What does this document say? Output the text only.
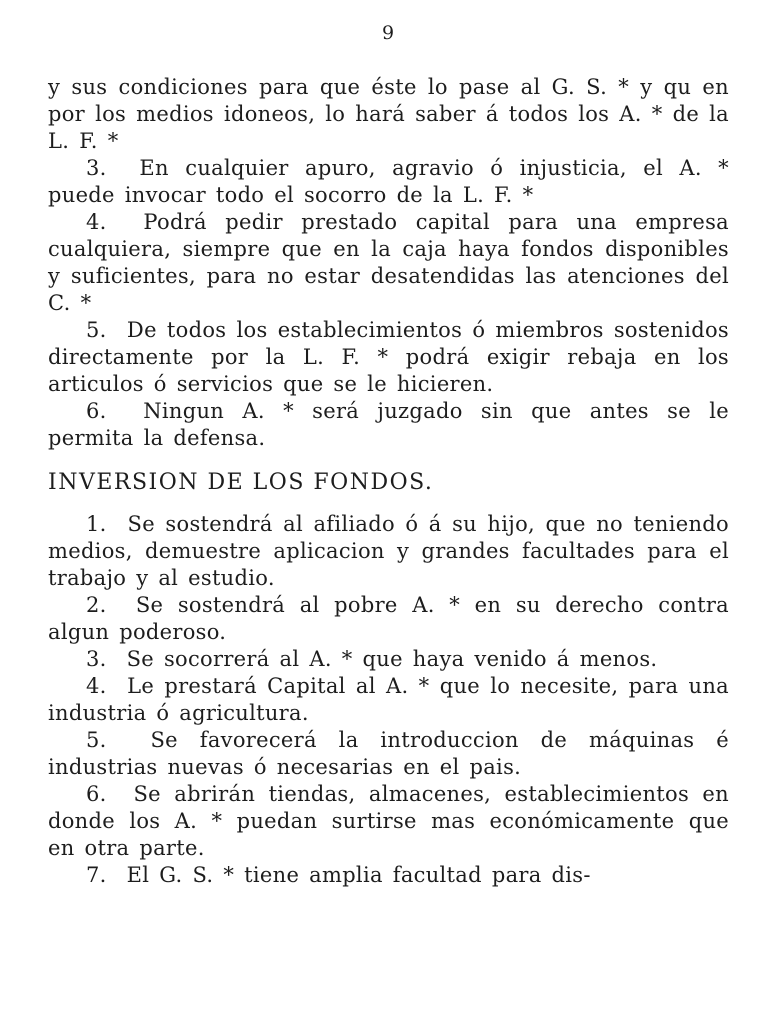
9

y sus condiciones para que éste lo pase al G. S. * y qu en por los medios idoneos, lo hará saber á todos los A. * de la L. F. *

3.  En cualquier apuro, agravio ó injusticia, el A. * puede invocar todo el socorro de la L. F. *

4.  Podrá pedir prestado capital para una empresa cualquiera, siempre que en la caja haya fondos disponibles y suficientes, para no estar desatendidas las atenciones del C. *

5.  De todos los establecimientos ó miembros sostenidos directamente por la L. F. * podrá exigir rebaja en los articulos ó servicios que se le hicieren.

6.  Ningun A. * será juzgado sin que antes se le permita la defensa.

INVERSION DE LOS FONDOS.

1.  Se sostendrá al afiliado ó á su hijo, que no teniendo medios, demuestre aplicacion y grandes facultades para el trabajo y al estudio.

2.  Se sostendrá al pobre A. * en su derecho contra algun poderoso.

3.  Se socorrerá al A. * que haya venido á menos.

4.  Le prestará Capital al A. * que lo necesite, para una industria ó agricultura.

5.  Se favorecerá la introduccion de máquinas é industrias nuevas ó necesarias en el pais.

6.  Se abrirán tiendas, almacenes, establecimientos en donde los A. * puedan surtirse mas económicamente que en otra parte.

7.  El G. S. * tiene amplia facultad para dis-
